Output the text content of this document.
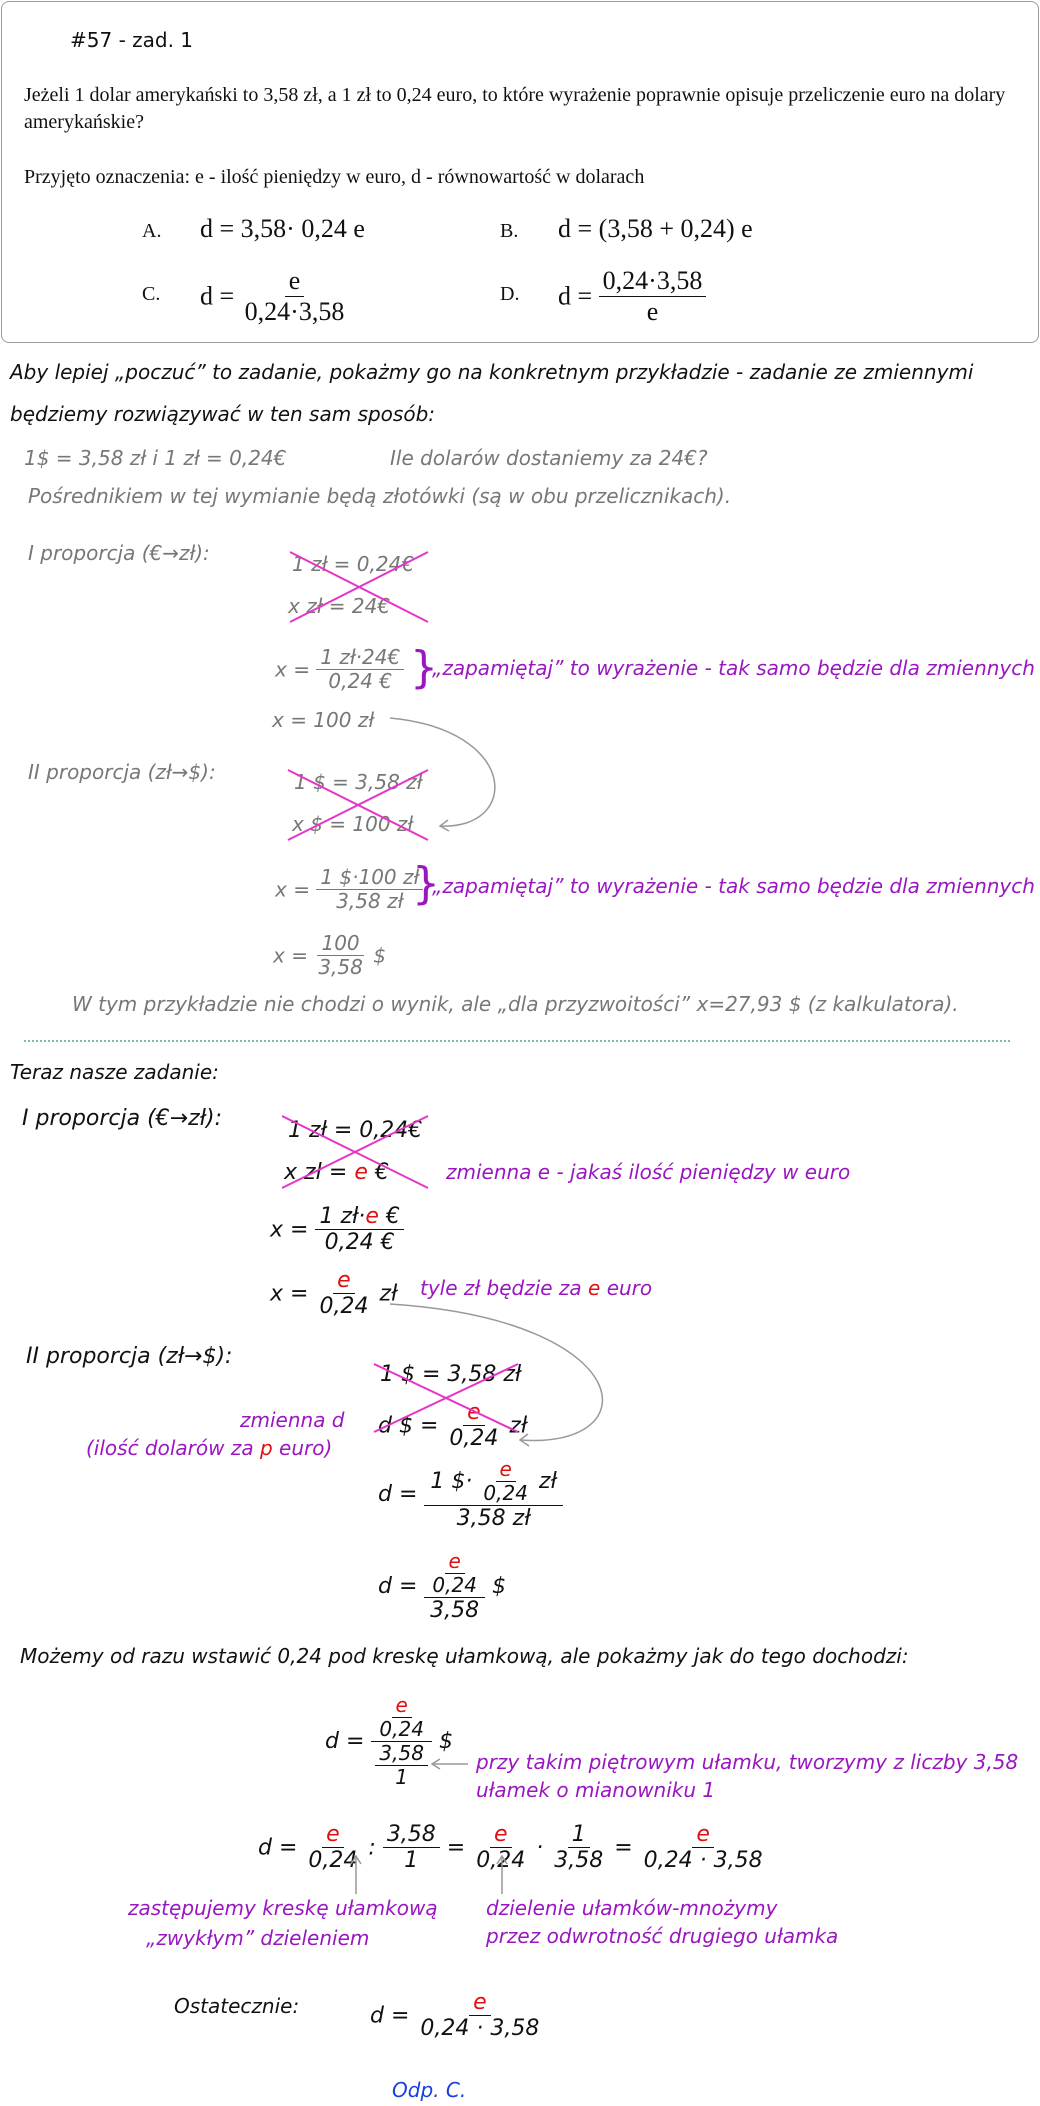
#57 - zad. 1
Jeżeli 1 dolar amerykański to 3,58 zł, a 1 zł to 0,24 euro, to które wyrażenie poprawnie opisuje przeliczenie euro na dolary amerykańskie?
Przyjęto oznaczenia: e - ilość pieniędzy w euro, d - równowartość w dolarach
A. d = 3,58· 0,24 e	B. d = (3,58 + 0,24) e
C. $d = \frac{e}{0,24\cdot 3,58}$	D. $d = \frac{0,24\cdot 3,58}{e}$
Aby lepiej „poczuć” to zadanie, pokażmy go na konkretnym przykładzie - zadanie ze zmiennymi
będziemy rozwiązywać w ten sam sposób:
1$ = 3,58 zł i 1 zł = 0,24€	Ile dolarów dostaniemy za 24€?
Pośrednikiem w tej wymianie będą złotówki (są w obu przelicznikach).
I proporcja (€→zł):	1 zł = 0,24€
x zł = 24€
$x = \frac{1 zł\cdot 24€}{0,24 €}$ }
„zapamiętaj” to wyrażenie - tak samo będzie dla zmiennych
x = 100 zł
II proporcja (zł→$):	1 $ = 3,58 zł
x $ = 100 zł
$x = \frac{1 \$\cdot 100 zł}{3,58 zł}$
}
„zapamiętaj” to wyrażenie - tak samo będzie dla zmiennych
$x = \frac{100}{3,58}$ $
W tym przykładzie nie chodzi o wynik, ale „dla przyzwoitości” x=27,93 $ (z kalkulatora).
Teraz nasze zadanie:
I proporcja (€→zł):	1 zł = 0,24€
x zł = e €	zmienna e - jakaś ilość pieniędzy w euro
$x = \frac{1 zł\cdot e €}{0,24 €}$
$x = \frac{e}{0,24}$ zł tyle zł będzie za e euro
II proporcja (zł→$):
1 $ = 3,58 zł
d $ = $\frac{e}{0,24}$ zł
zmienna d
(ilość dolarów za p euro)
$d = \frac{1 \$\cdot \frac{e}{0,24} zł}{3,58 zł}$
$d = \frac{\frac{e}{0,24}}{3,58}$ $
Możemy od razu wstawić 0,24 pod kreskę ułamkową, ale pokażmy jak do tego dochodzi:
$d = \frac{\frac{e}{0,24}}{\frac{3,58}{1}}$ $
przy takim piętrowym ułamku, tworzymy z liczby 3,58
ułamek o mianowniku 1
$d = \frac{e}{0,24}$ : $\frac{3,58}{1} = \frac{e}{0,24} \cdot \frac{1}{3,58} = \frac{e}{0,24 \cdot 3,58}$
zastępujemy kreskę ułamkową
„zwykłym” dzieleniem
dzielenie ułamków-mnożymy
przez odwrotność drugiego ułamka
Ostatecznie:	$d = \frac{e}{0,24 \cdot 3,58}$
Odp. C.
